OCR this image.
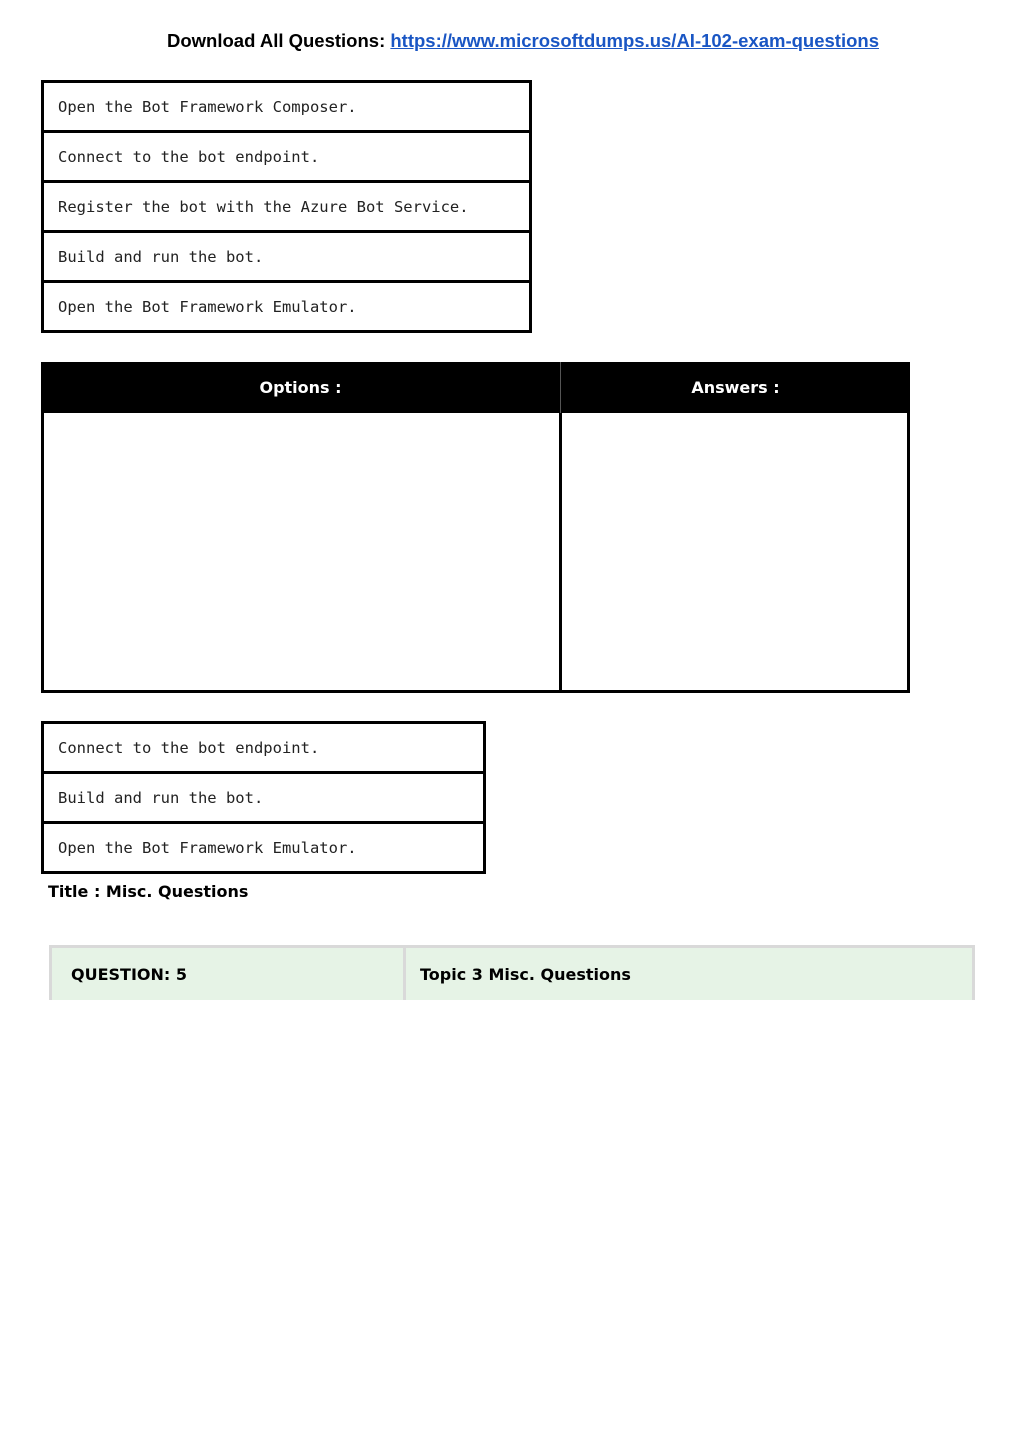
Download All Questions: https://www.microsoftdumps.us/AI-102-exam-questions
Open the Bot Framework Composer.
Connect to the bot endpoint.
Register the bot with the Azure Bot Service.
Build and run the bot.
Open the Bot Framework Emulator.
Options :	Answers :
Connect to the bot endpoint.
Build and run the bot.
Open the Bot Framework Emulator.
Title : Misc. Questions
QUESTION: 5	Topic 3 Misc. Questions
